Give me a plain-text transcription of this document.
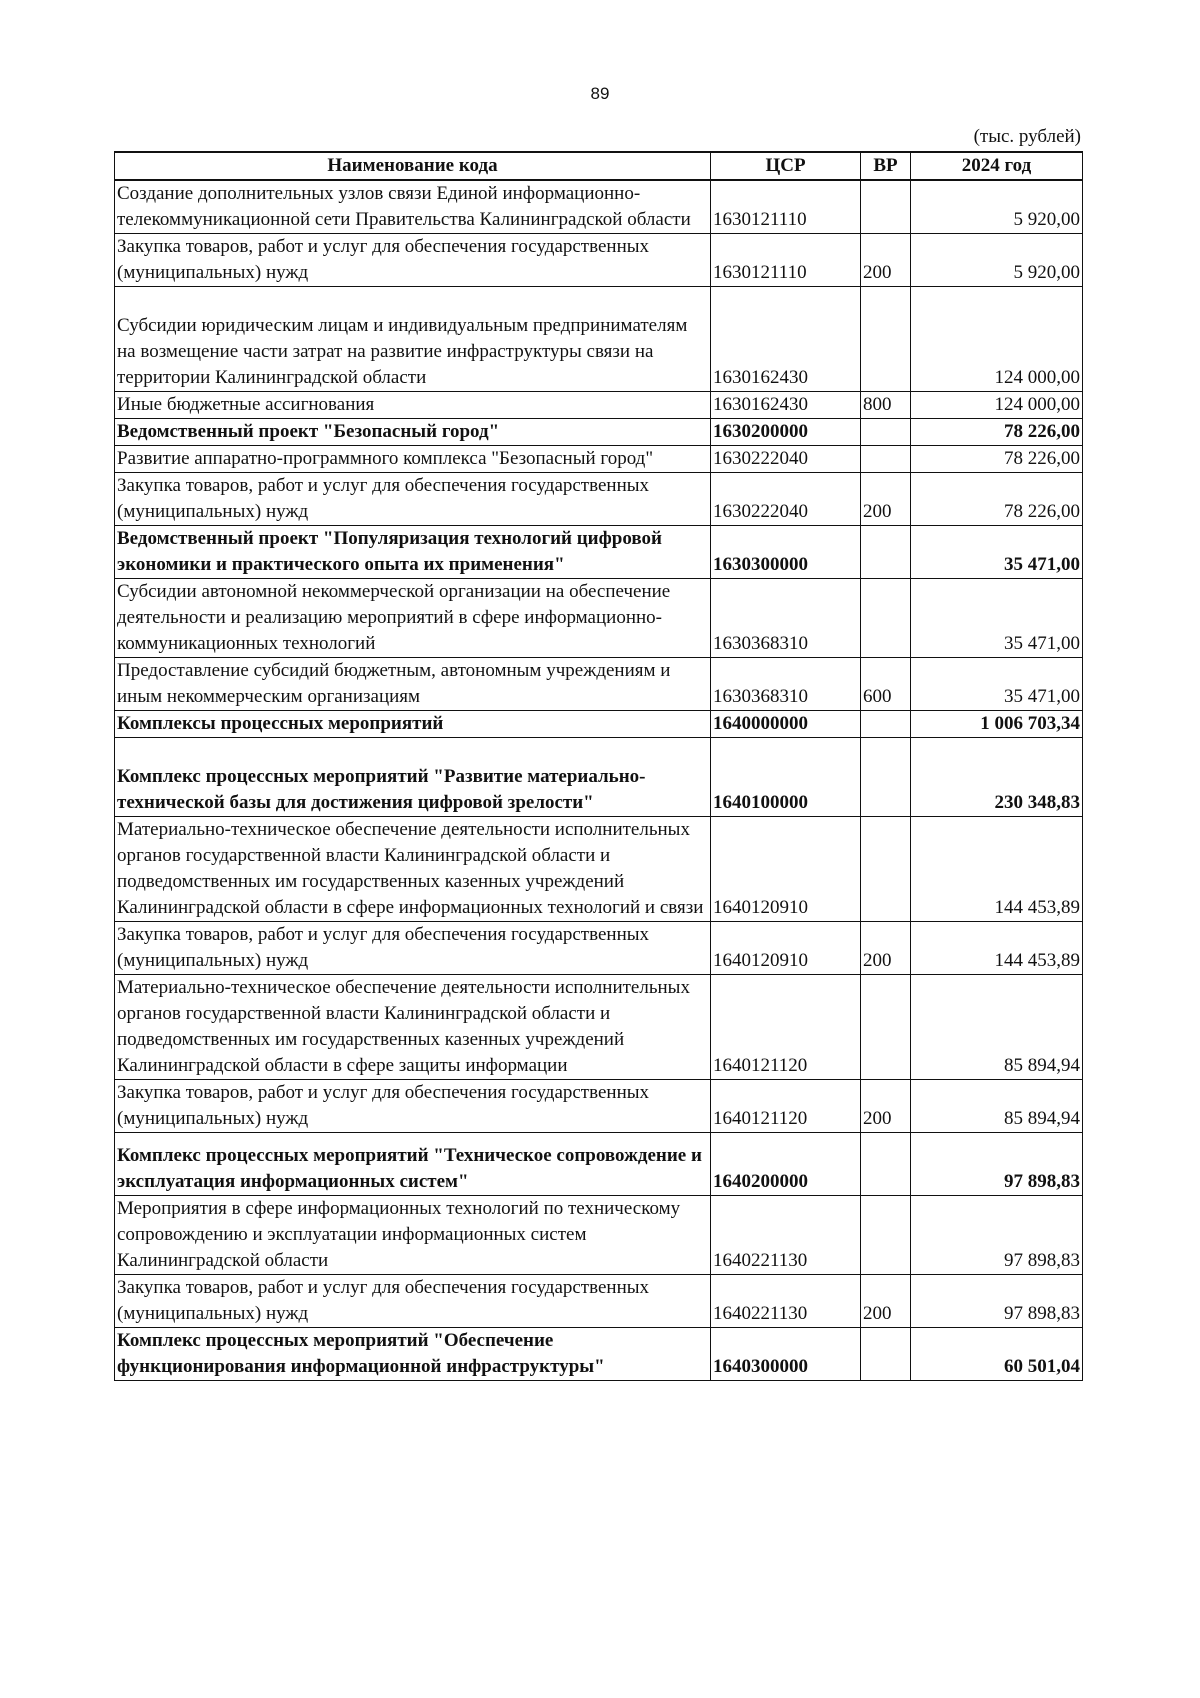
89
(тыс. рублей)
Наименование кода	ЦСР	ВР	2024 год
Создание дополнительных узлов связи Единой информационно-телекоммуникационной сети Правительства Калининградской области	1630121110		5 920,00
Закупка товаров, работ и услуг для обеспечения государственных (муниципальных) нужд	1630121110	200	5 920,00
Субсидии юридическим лицам и индивидуальным предпринимателям на возмещение части затрат на развитие инфраструктуры связи на территории Калининградской области	1630162430		124 000,00
Иные бюджетные ассигнования	1630162430	800	124 000,00
Ведомственный проект "Безопасный город"	1630200000		78 226,00
Развитие аппаратно-программного комплекса "Безопасный город"	1630222040		78 226,00
Закупка товаров, работ и услуг для обеспечения государственных (муниципальных) нужд	1630222040	200	78 226,00
Ведомственный проект "Популяризация технологий цифровой экономики и практического опыта их применения"	1630300000		35 471,00
Субсидии автономной некоммерческой организации на обеспечение деятельности и реализацию мероприятий в сфере информационно-коммуникационных технологий	1630368310		35 471,00
Предоставление субсидий бюджетным, автономным учреждениям и иным некоммерческим организациям	1630368310	600	35 471,00
Комплексы процессных мероприятий	1640000000		1 006 703,34
Комплекс процессных мероприятий "Развитие материально-технической базы для достижения цифровой зрелости"	1640100000		230 348,83
Материально-техническое обеспечение деятельности исполнительных органов государственной власти Калининградской области и подведомственных им государственных казенных учреждений Калининградской области в сфере информационных технологий и связи	1640120910		144 453,89
Закупка товаров, работ и услуг для обеспечения государственных (муниципальных) нужд	1640120910	200	144 453,89
Материально-техническое обеспечение деятельности исполнительных органов государственной власти Калининградской области и подведомственных им государственных казенных учреждений Калининградской области в сфере защиты информации	1640121120		85 894,94
Закупка товаров, работ и услуг для обеспечения государственных (муниципальных) нужд	1640121120	200	85 894,94
Комплекс процессных мероприятий "Техническое сопровождение и эксплуатация информационных систем"	1640200000		97 898,83
Мероприятия в сфере информационных технологий по техническому сопровождению и эксплуатации информационных систем Калининградской области	1640221130		97 898,83
Закупка товаров, работ и услуг для обеспечения государственных (муниципальных) нужд	1640221130	200	97 898,83
Комплекс процессных мероприятий "Обеспечение функционирования информационной инфраструктуры"	1640300000		60 501,04
